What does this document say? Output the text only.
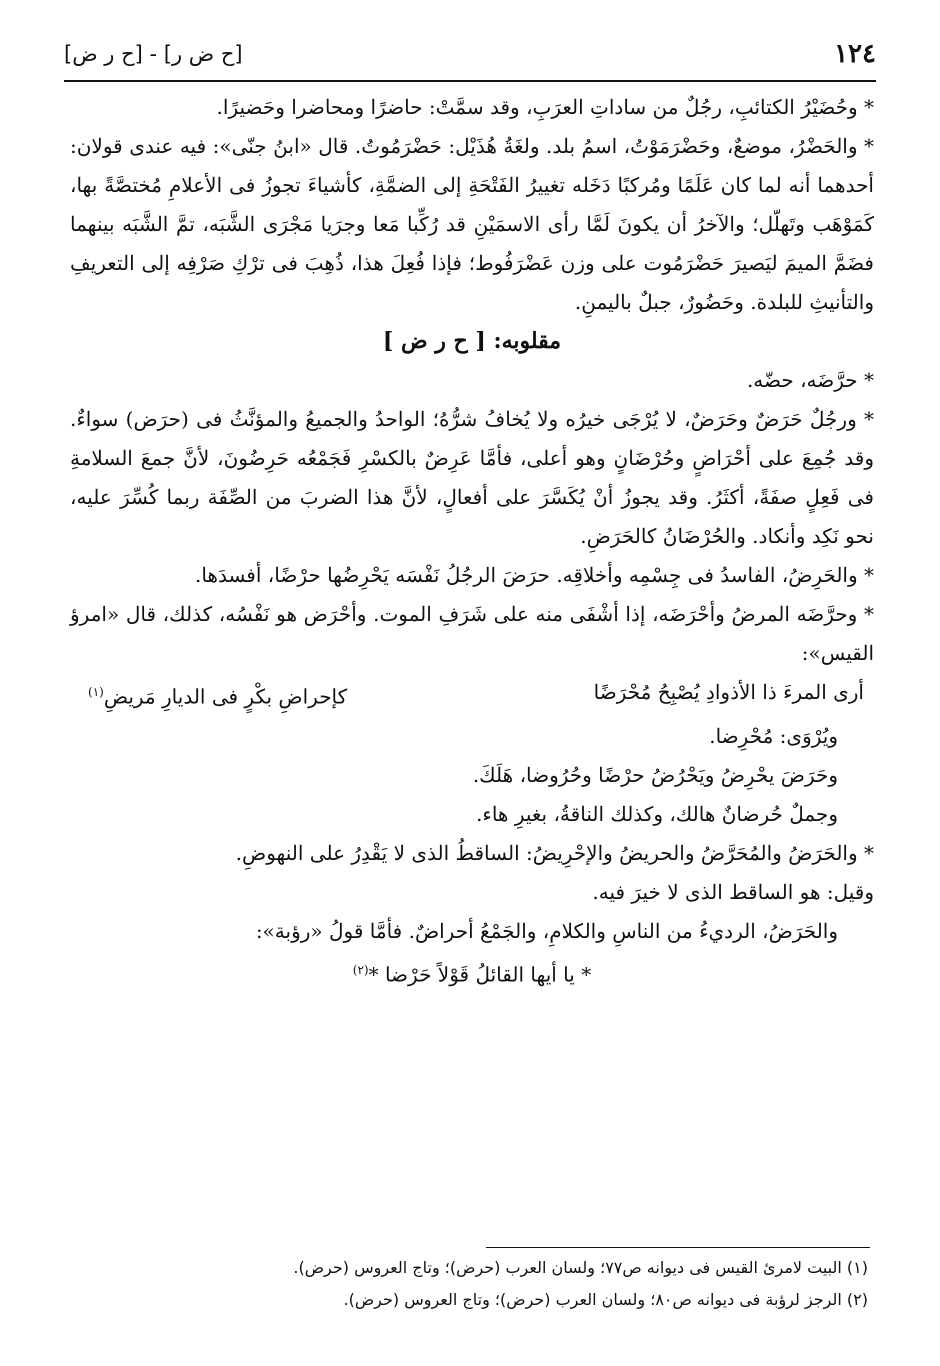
١٢٤
[ح ض ر] - [ح ر ض]

* وحُضَيْرُ الكتائبِ، رجُلٌ من ساداتِ العرَبِ، وقد سمَّتْ: حاضرًا ومحاضرا وحَضيرًا.

* والحَضْرُ، موضعٌ، وحَضْرَمَوْتُ، اسمُ بلد. ولغَةُ هُذَيْل: حَضْرَمُوتُ. قال «ابنُ جنّى»: فيه عندى قولان: أحدهما أنه لما كان عَلَمًا ومُركبًا دَخَله تغييرُ الفَتْحَةِ إلى الضمَّةِ، كأشياءَ تجوزُ فى الأعلامِ مُختصَّةً بها، كَمَوْهَب وتَهلّل؛ والآخرُ أن يكونَ لَمَّا رأى الاسمَيْنِ قد رُكِّبا مَعا وجرَيا مَجْرَى الشَّبَه، تمَّ الشَّبَه بينهما فضَمَّ الميمَ ليَصيرَ حَضْرَمُوت على وزن عَضْرَفُوط؛ فإذا فُعِلَ هذا، ذُهِبَ فى ترْكِ صَرْفِه إلى التعريفِ والتأنيثِ للبلدة. وحَضُورٌ، جبلٌ باليمنِ.

مقلوبه: [ ح ر ض ]

* حرَّضَه، حضّه.

* ورجُلٌ حَرَضٌ وحَرَضٌ، لا يُرْجَى خيرُه ولا يُخافُ شرُّهُ؛ الواحدُ والجميعُ والمؤنَّثُ فى (حرَض) سواءٌ. وقد جُمِعَ على أحْرَاضٍ وحُرْضَانٍ وهو أعلى، فأمَّا عَرِضٌ بالكسْرِ فَجَمْعُه حَرِضُونَ، لأنَّ جمعَ السلامةِ فى فَعِلٍ صفَةً، أكثَرُ. وقد يجوزُ أنْ يُكَسَّرَ على أفعالٍ، لأنَّ هذا الضربَ من الصِّفَة ربما كُسِّرَ عليه، نحو نَكِد وأنكاد. والحُرْضَانُ كالحَرَضِ.

* والحَرِضُ، الفاسدُ فى جِسْمِه وأخلاقِه. حرَضَ الرجُلُ نَفْسَه يَحْرِضُها حرْضًا، أفسدَها.

* وحرَّضَه المرضُ وأحْرَضَه، إذا أشْفَى منه على شَرَفِ الموت. وأحْرَض هو نَفْسُه، كذلك، قال «امرؤ القيس»:

أرى المرءَ ذا الأذوادِ يُصْبِحُ مُحْرَضًا
كإحراضِ بكْرٍ فى الديارِ مَريضِ$^{(١)}$

ويُرْوَى: مُحْرِضا.

وحَرَضَ يحْرِضُ ويَحْرُضُ حرْضًا وحُرُوضا، هَلَكَ.

وجملٌ حُرضانٌ هالك، وكذلك الناقةُ، بغيرِ هاء.

* والحَرَضُ والمُحَرَّضُ والحريضُ والإحْرِيضُ: الساقطُ الذى لا يَقْدِرُ على النهوضِ.

وقيل: هو الساقط الذى لا خيرَ فيه.

والحَرَضُ، الرديءُ من الناسِ والكلامِ، والجَمْعُ أحراضٌ. فأمَّا قولُ «رؤبة»:

* يا أيها القائلُ قَوْلاً حَرْضا *$^{(٢)}$

(١) البيت لامرئ القيس فى ديوانه ص٧٧؛ ولسان العرب (حرض)؛ وتاج العروس (حرض).

(٢) الرجز لرؤبة فى ديوانه ص٨٠؛ ولسان العرب (حرض)؛ وتاج العروس (حرض).
